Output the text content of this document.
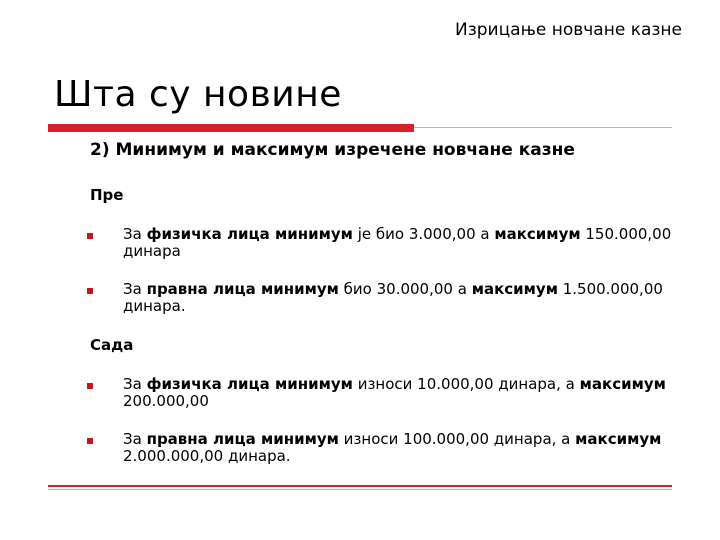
Изрицање новчане казне
Шта су новине
2) Минимум и максимум изречене новчане казне
Пре
За физичка лица минимум је био 3.000,00 а максимум 150.000,00 динара
За правна лица минимум био 30.000,00 а максимум 1.500.000,00 динара.
Сада
За физичка лица минимум износи 10.000,00 динара, а максимум 200.000,00
За правна лица минимум износи 100.000,00 динара, а максимум 2.000.000,00 динара.
